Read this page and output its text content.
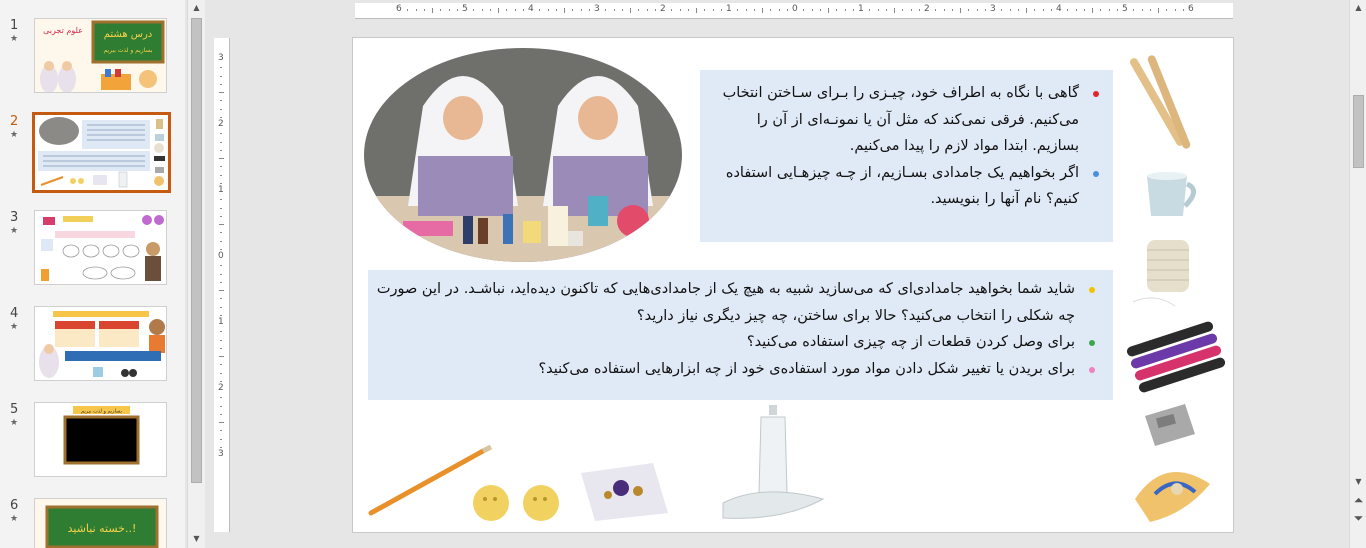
1
★	درس هشتم
بسازیم و لذت ببریم
علوم تجربی
2
★
3
★
4
★
5
★
بسازیم و لذت ببریم
6
★
خسته نباشید..!
▲
▼
6	5	4	3	2	1	0	1	2	3	4	5	6
3
2
1
0
1
2
3
گاهی با نگاه به اطراف خود، چیـزی را بـرای سـاختن انتخاب می‌کنیم. فرقی نمی‌کند که مثل آن یا نمونـه‌ای از آن را بسازیم. ابتدا مواد لازم را پیدا می‌کنیم.
اگر بخواهیم یک جامدادی بسـازیم، از چـه چیزهـایی استفاده کنیم؟ نام آنها را بنویسید.
شاید شما بخواهید جامدادی‌ای که می‌سازید شبیه به هیچ یک از جامدادی‌هایی که تاکنون دیده‌اید، نباشـد. در این صورت چه شکلی را انتخاب می‌کنید؟ حالا برای ساختن، چه چیز دیگری نیاز دارید؟
برای وصل کردن قطعات از چه چیزی استفاده می‌کنید؟
برای بریدن یا تغییر شکل دادن مواد مورد استفاده‌ی خود از چه ابزارهایی استفاده می‌کنید؟
▲
▼
⏶
⏷
